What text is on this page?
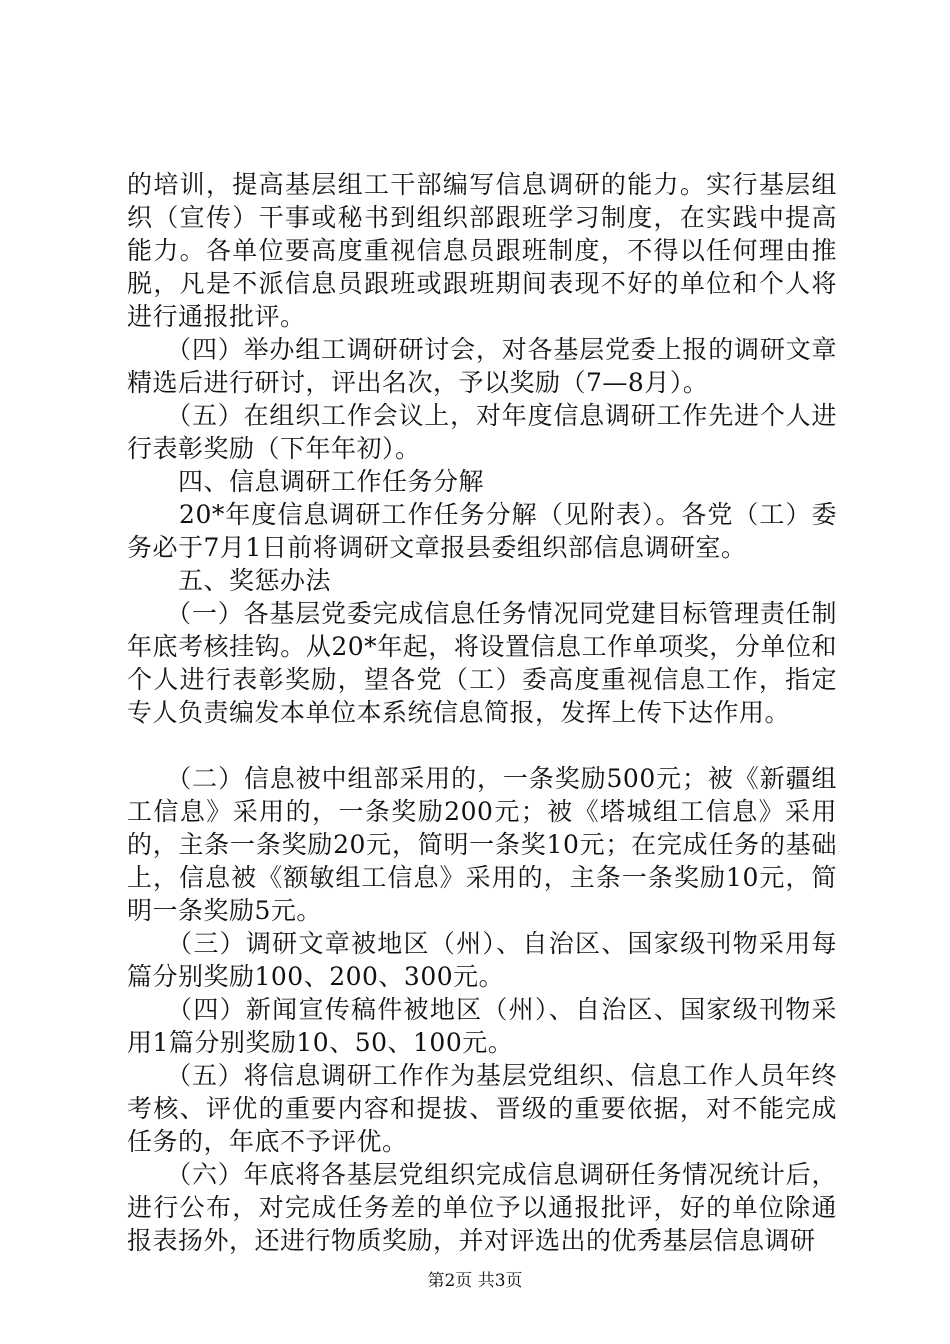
的培训，提高基层组工干部编写信息调研的能力。实行基层组织（宣传）干事或秘书到组织部跟班学习制度，在实践中提高能力。各单位要高度重视信息员跟班制度，不得以任何理由推脱，凡是不派信息员跟班或跟班期间表现不好的单位和个人将进行通报批评。

　　（四）举办组工调研研讨会，对各基层党委上报的调研文章精选后进行研讨，评出名次，予以奖励（7—8月）。

　　（五）在组织工作会议上，对年度信息调研工作先进个人进行表彰奖励（下年年初）。

　　四、信息调研工作任务分解

　　20*年度信息调研工作任务分解（见附表）。各党（工）委务必于7月1日前将调研文章报县委组织部信息调研室。

　　五、奖惩办法

　　（一）各基层党委完成信息任务情况同党建目标管理责任制年底考核挂钩。从20*年起，将设置信息工作单项奖，分单位和个人进行表彰奖励，望各党（工）委高度重视信息工作，指定专人负责编发本单位本系统信息简报，发挥上传下达作用。

　　（二）信息被中组部采用的，一条奖励500元；被《新疆组工信息》采用的，一条奖励200元；被《塔城组工信息》采用的，主条一条奖励20元，简明一条奖10元；在完成任务的基础上，信息被《额敏组工信息》采用的，主条一条奖励10元，简明一条奖励5元。

　　（三）调研文章被地区（州）、自治区、国家级刊物采用每篇分别奖励100、200、300元。

　　（四）新闻宣传稿件被地区（州）、自治区、国家级刊物采用1篇分别奖励10、50、100元。

　　（五）将信息调研工作作为基层党组织、信息工作人员年终考核、评优的重要内容和提拔、晋级的重要依据，对不能完成任务的，年底不予评优。

　　（六）年底将各基层党组织完成信息调研任务情况统计后，进行公布，对完成任务差的单位予以通报批评，好的单位除通报表扬外，还进行物质奖励，并对评选出的优秀基层信息调研

第2页 共3页
